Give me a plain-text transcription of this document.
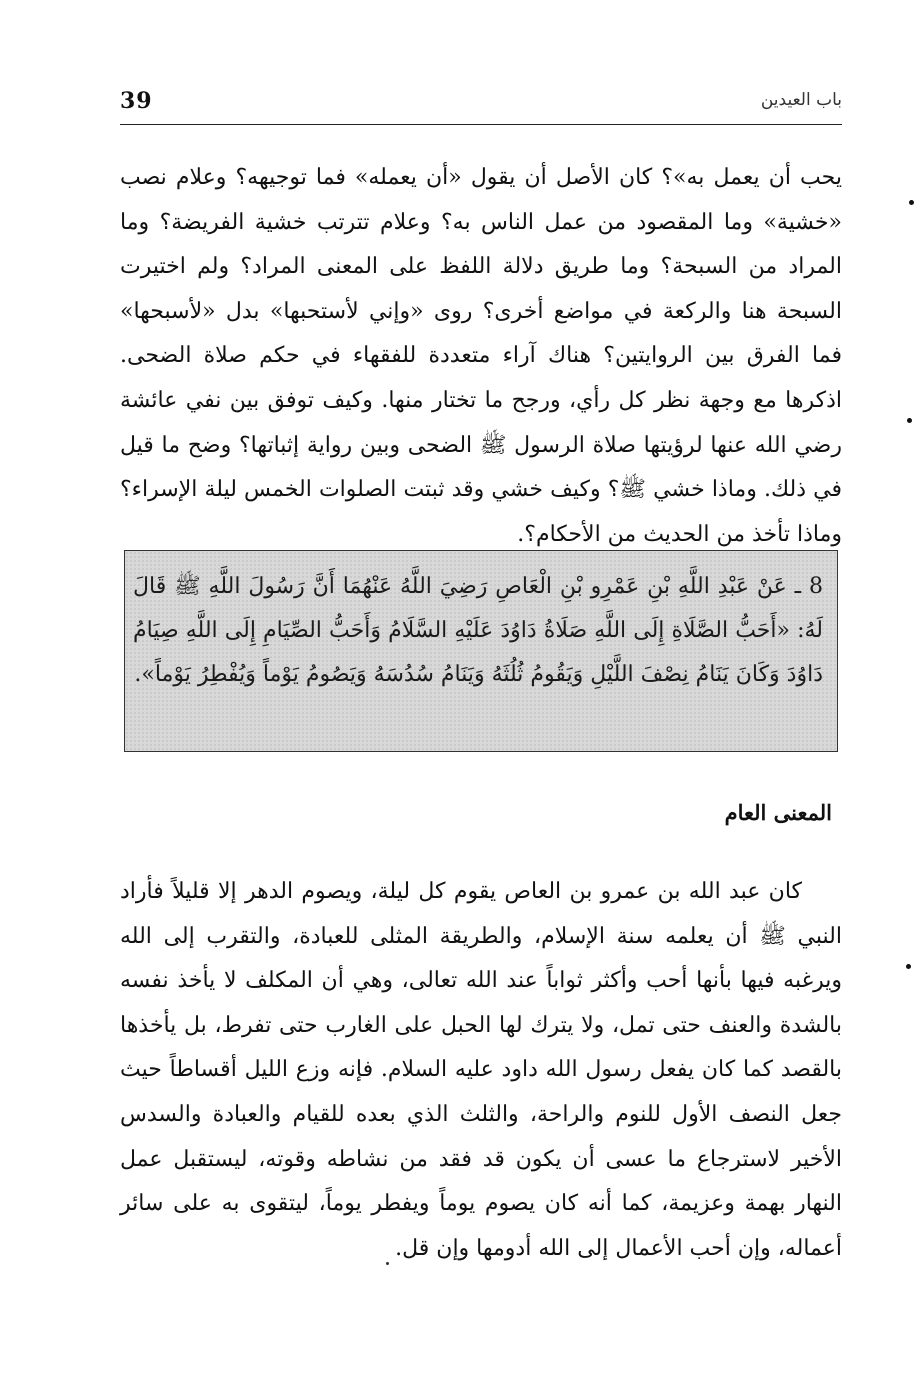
39	باب العيدين

يحب أن يعمل به»؟ كان الأصل أن يقول «أن يعمله» فما توجيهه؟ وعلام نصب «خشية» وما المقصود من عمل الناس به؟ وعلام تترتب خشية الفريضة؟ وما المراد من السبحة؟ وما طريق دلالة اللفظ على المعنى المراد؟ ولم اختيرت السبحة هنا والركعة في مواضع أخرى؟ روى «وإني لأستحبها» بدل «لأسبحها» فما الفرق بين الروايتين؟ هناك آراء متعددة للفقهاء في حكم صلاة الضحى. اذكرها مع وجهة نظر كل رأي، ورجح ما تختار منها. وكيف توفق بين نفي عائشة رضي الله عنها لرؤيتها صلاة الرسول ﷺ الضحى وبين رواية إثباتها؟ وضح ما قيل في ذلك. وماذا خشي ﷺ؟ وكيف خشي وقد ثبتت الصلوات الخمس ليلة الإسراء؟ وماذا تأخذ من الحديث من الأحكام؟.

8 ـ عَنْ عَبْدِ اللَّهِ بْنِ عَمْرِو بْنِ الْعَاصِ رَضِيَ اللَّهُ عَنْهُمَا أَنَّ رَسُولَ اللَّهِ ﷺ قَالَ لَهُ: «أَحَبُّ الصَّلَاةِ إِلَى اللَّهِ صَلَاةُ دَاوُدَ عَلَيْهِ السَّلَامُ وَأَحَبُّ الصِّيَامِ إِلَى اللَّهِ صِيَامُ دَاوُدَ وَكَانَ يَنَامُ نِصْفَ اللَّيْلِ وَيَقُومُ ثُلُثَهُ وَيَنَامُ سُدُسَهُ وَيَصُومُ يَوْماً وَيُفْطِرُ يَوْماً».

المعنى العام

كان عبد الله بن عمرو بن العاص يقوم كل ليلة، ويصوم الدهر إلا قليلاً فأراد النبي ﷺ أن يعلمه سنة الإسلام، والطريقة المثلى للعبادة، والتقرب إلى الله ويرغبه فيها بأنها أحب وأكثر ثواباً عند الله تعالى، وهي أن المكلف لا يأخذ نفسه بالشدة والعنف حتى تمل، ولا يترك لها الحبل على الغارب حتى تفرط، بل يأخذها بالقصد كما كان يفعل رسول الله داود عليه السلام. فإنه وزع الليل أقساطاً حيث جعل النصف الأول للنوم والراحة، والثلث الذي بعده للقيام والعبادة والسدس الأخير لاسترجاع ما عسى أن يكون قد فقد من نشاطه وقوته، ليستقبل عمل النهار بهمة وعزيمة، كما أنه كان يصوم يوماً ويفطر يوماً، ليتقوى به على سائر أعماله، وإن أحب الأعمال إلى الله أدومها وإن قل.
